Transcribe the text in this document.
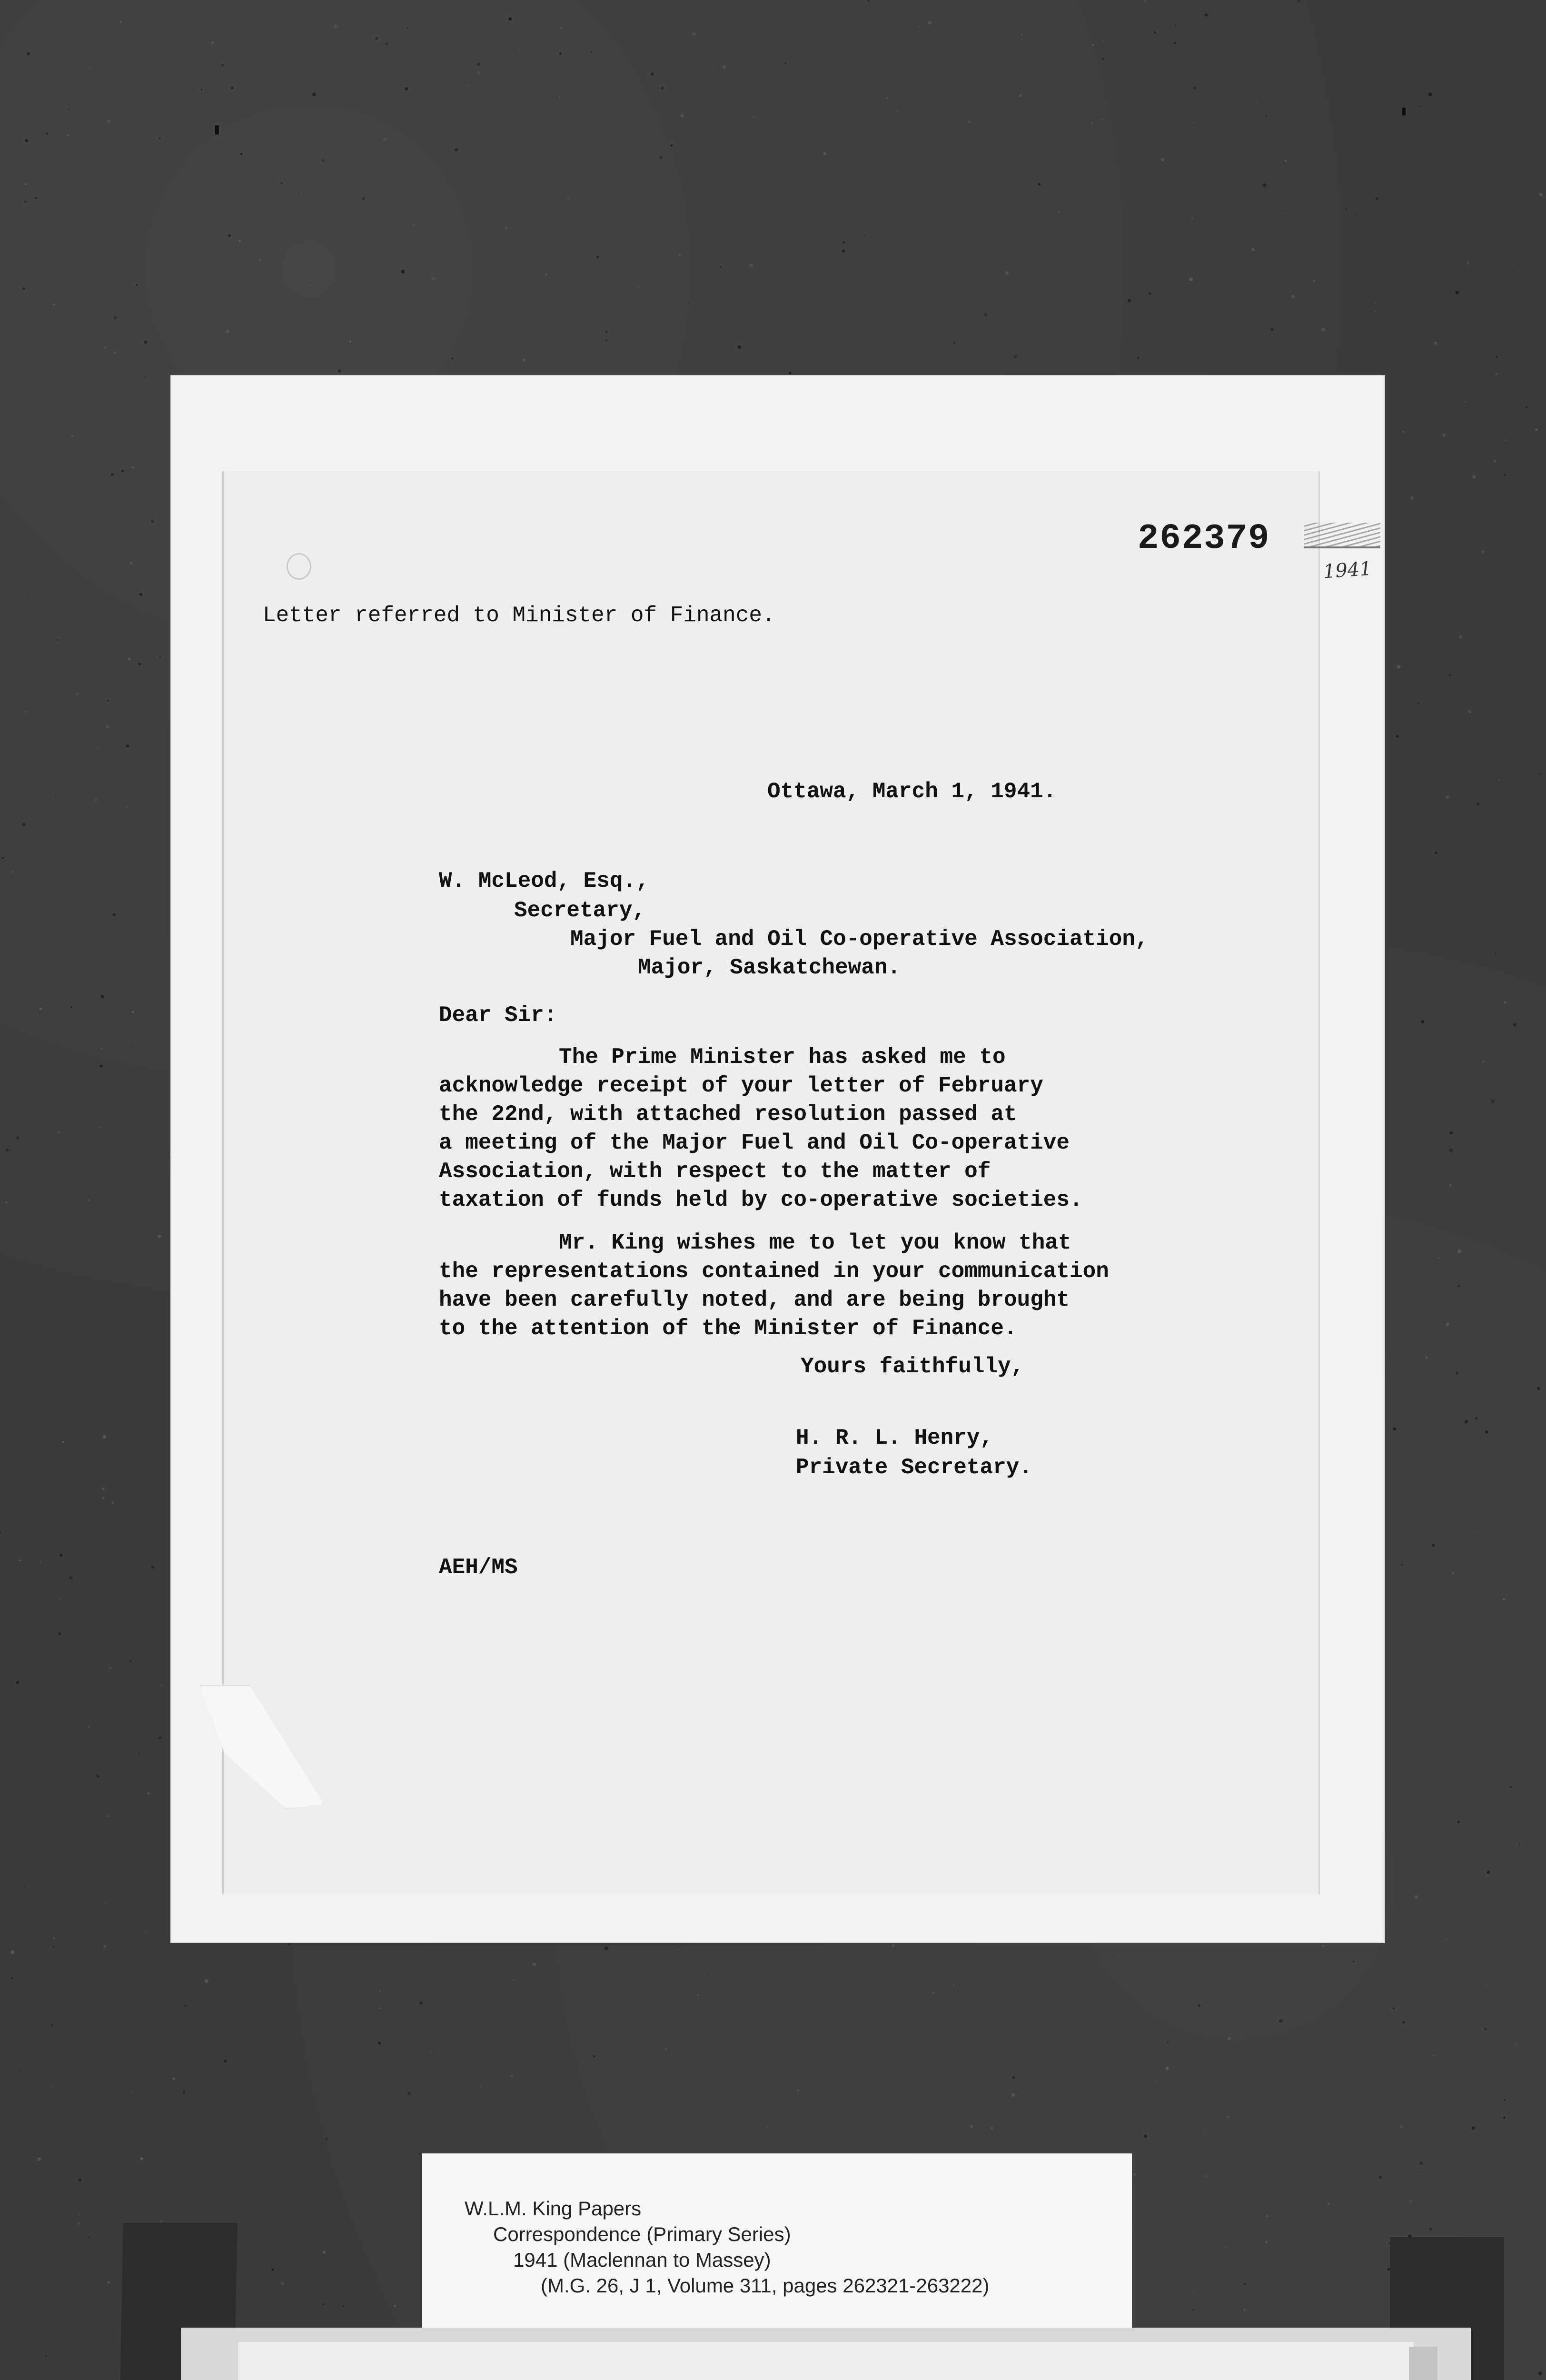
'	'
262379
1941
Letter referred to Minister of Finance.
Ottawa, March 1, 1941.
W. McLeod, Esq.,
Secretary,
Major Fuel and Oil Co-operative Association,
Major, Saskatchewan.
Dear Sir:
The Prime Minister has asked me to
acknowledge receipt of your letter of February
the 22nd, with attached resolution passed at
a meeting of the Major Fuel and Oil Co-operative
Association, with respect to the matter of
taxation of funds held by co-operative societies.
Mr. King wishes me to let you know that
the representations contained in your communication
have been carefully noted, and are being brought
to the attention of the Minister of Finance.
Yours faithfully,
H. R. L. Henry,
Private Secretary.
AEH/MS
W.L.M. King Papers
Correspondence (Primary Series)
1941 (Maclennan to Massey)
(M.G. 26, J 1, Volume 311, pages 262321-263222)
